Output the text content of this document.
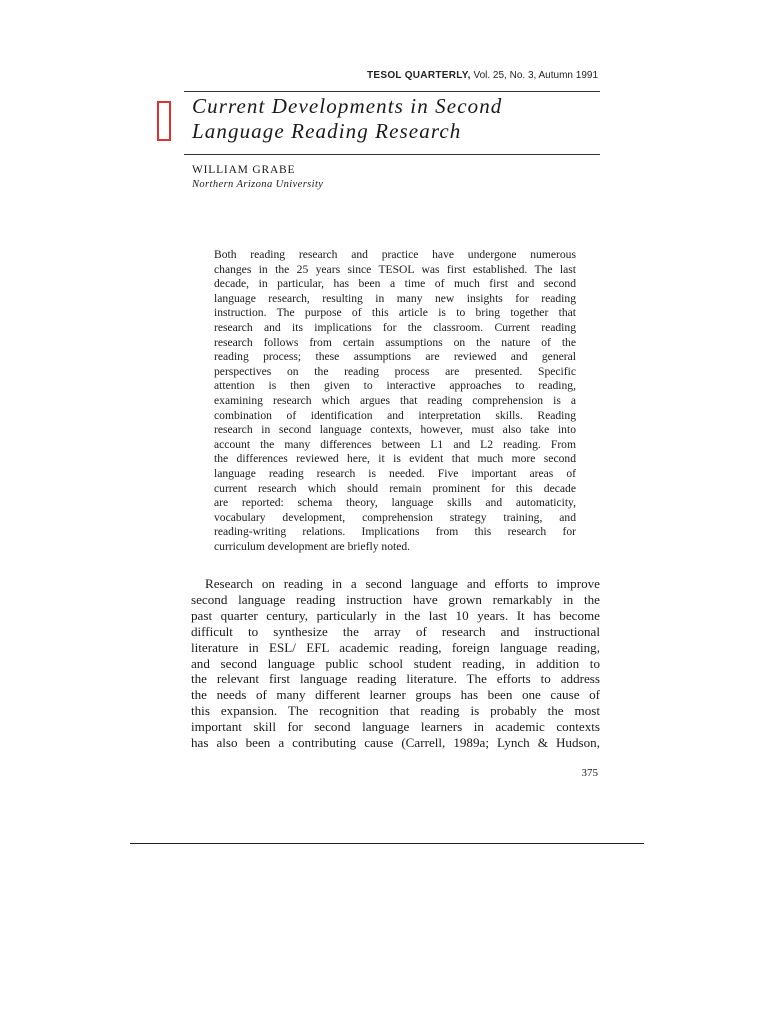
TESOL QUARTERLY, Vol. 25, No. 3, Autumn 1991
Current Developments in Second
Language Reading Research
WILLIAM GRABE
Northern Arizona University
Both reading research and practice have undergone numerous
changes in the 25 years since TESOL was first established. The last
decade, in particular, has been a time of much first and second
language research, resulting in many new insights for reading
instruction. The purpose of this article is to bring together that
research and its implications for the classroom. Current reading
research follows from certain assumptions on the nature of the
reading process; these assumptions are reviewed and general
perspectives on the reading process are presented. Specific
attention is then given to interactive approaches to reading,
examining research which argues that reading comprehension is a
combination of identification and interpretation skills. Reading
research in second language contexts, however, must also take into
account the many differences between L1 and L2 reading. From
the differences reviewed here, it is evident that much more second
language reading research is needed. Five important areas of
current research which should remain prominent for this decade
are reported: schema theory, language skills and automaticity,
vocabulary development, comprehension strategy training, and
reading-writing relations. Implications from this research for
curriculum development are briefly noted.
Research on reading in a second language and efforts to improve
second language reading instruction have grown remarkably in the
past quarter century, particularly in the last 10 years. It has become
difficult to synthesize the array of research and instructional
literature in ESL/ EFL academic reading, foreign language reading,
and second language public school student reading, in addition to
the relevant first language reading literature. The efforts to address
the needs of many different learner groups has been one cause of
this expansion. The recognition that reading is probably the most
important skill for second language learners in academic contexts
has also been a contributing cause (Carrell, 1989a; Lynch & Hudson,
375
